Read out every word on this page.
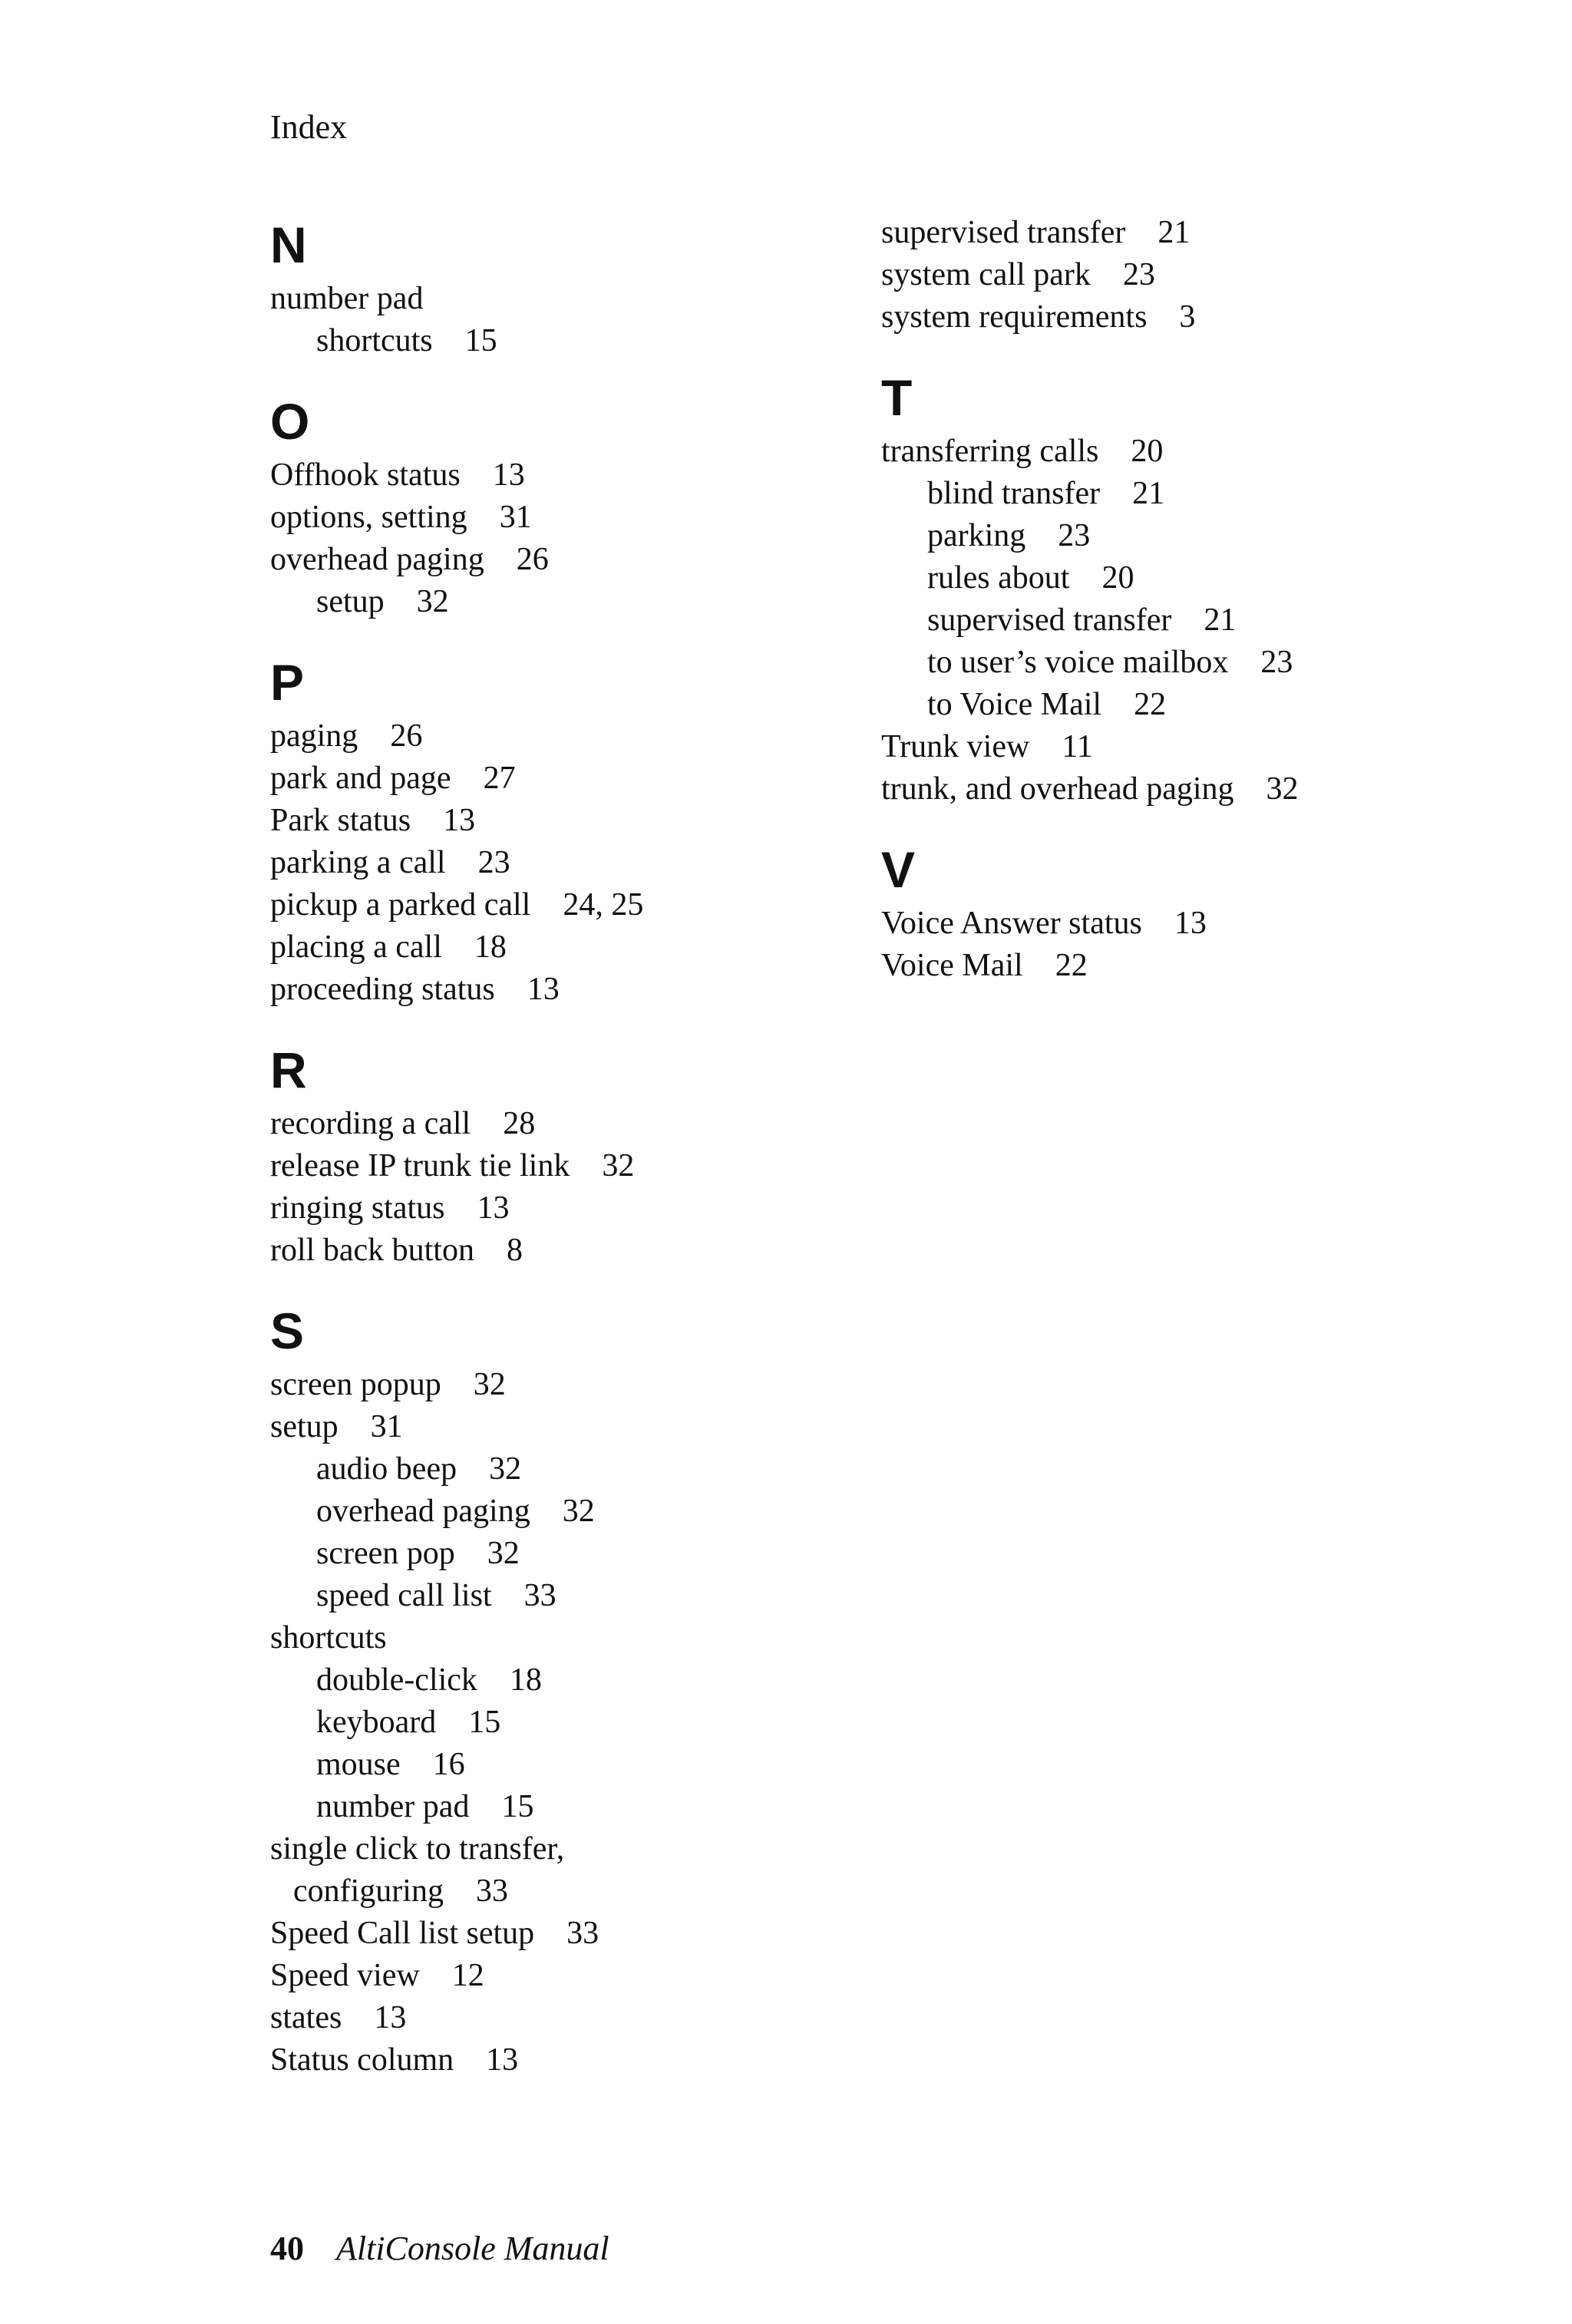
Index
N
number pad
shortcuts 15
O
Offhook status 13
options, setting 31
overhead paging 26
setup 32
P
paging 26
park and page 27
Park status 13
parking a call 23
pickup a parked call 24, 25
placing a call 18
proceeding status 13
R
recording a call 28
release IP trunk tie link 32
ringing status 13
roll back button 8
S
screen popup 32
setup 31
audio beep 32
overhead paging 32
screen pop 32
speed call list 33
shortcuts
double-click 18
keyboard 15
mouse 16
number pad 15
single click to transfer,
configuring 33
Speed Call list setup 33
Speed view 12
states 13
Status column 13
supervised transfer 21
system call park 23
system requirements 3
T
transferring calls 20
blind transfer 21
parking 23
rules about 20
supervised transfer 21
to user’s voice mailbox 23
to Voice Mail 22
Trunk view 11
trunk, and overhead paging 32
V
Voice Answer status 13
Voice Mail 22
40 AltiConsole Manual
